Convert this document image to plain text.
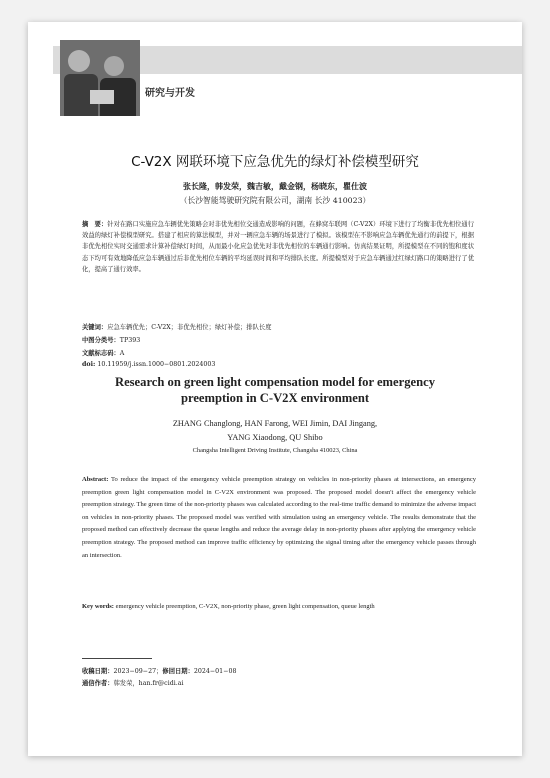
研究与开发
C-V2X 网联环境下应急优先的绿灯补偿模型研究
张长隆，韩发荣，魏吉敏，戴金钢，杨晓东，瞿仕波
（长沙智能驾驶研究院有限公司，湖南 长沙 410023）
摘　要：针对在路口实施应急车辆优先策略会对非优先相位交通造成影响的问题，在蜂窝车联网（C-V2X）环境下进行了均衡非优先相位通行效益的绿灯补偿模型研究。搭建了相应的算法模型，并对一辆应急车辆的场景进行了模拟。该模型在不影响应急车辆优先通行的前提下，根据非优先相位实时交通需求计算补偿绿灯时间，从而最小化应急优先对非优先相位的车辆通行影响。仿真结果证明，所提模型在不同的饱和度状态下均可有效地降低应急车辆通过后非优先相位车辆的平均延误时间和平均排队长度。所提模型对于应急车辆通过红绿灯路口的策略进行了优化，提高了通行效率。
关键词：应急车辆优先；C-V2X；非优先相位；绿灯补偿；排队长度
中图分类号：TP393
文献标志码：A
doi: 10.11959/j.issn.1000−0801.2024003
Research on green light compensation model for emergency
preemption in C-V2X environment
ZHANG Changlong, HAN Farong, WEI Jimin, DAI Jingang,
YANG Xiaodong, QU Shibo
Changsha Intelligent Driving Institute, Changsha 410023, China
Abstract: To reduce the impact of the emergency vehicle preemption strategy on vehicles in non-priority phases at intersections, an emergency preemption green light compensation model in C-V2X environment was proposed. The proposed model doesn't affect the emergency vehicle preemption strategy. The green time of the non-priority phases was calculated according to the real-time traffic demand to minimize the adverse impact on vehicles in non-priority phases. The proposed model was verified with simulation using an emergency vehicle. The results demonstrate that the proposed method can effectively decrease the queue lengths and reduce the average delay in non-priority phases after applying the emergency vehicle preemption strategy. The proposed method can improve traffic efficiency by optimizing the signal timing after the emergency vehicle passes through an intersection.
Key words: emergency vehicle preemption, C-V2X, non-priority phase, green light compensation, queue length
收稿日期：2023−09−27；修回日期：2024−01−08
通信作者：韩发荣，han.fr@cidi.ai
